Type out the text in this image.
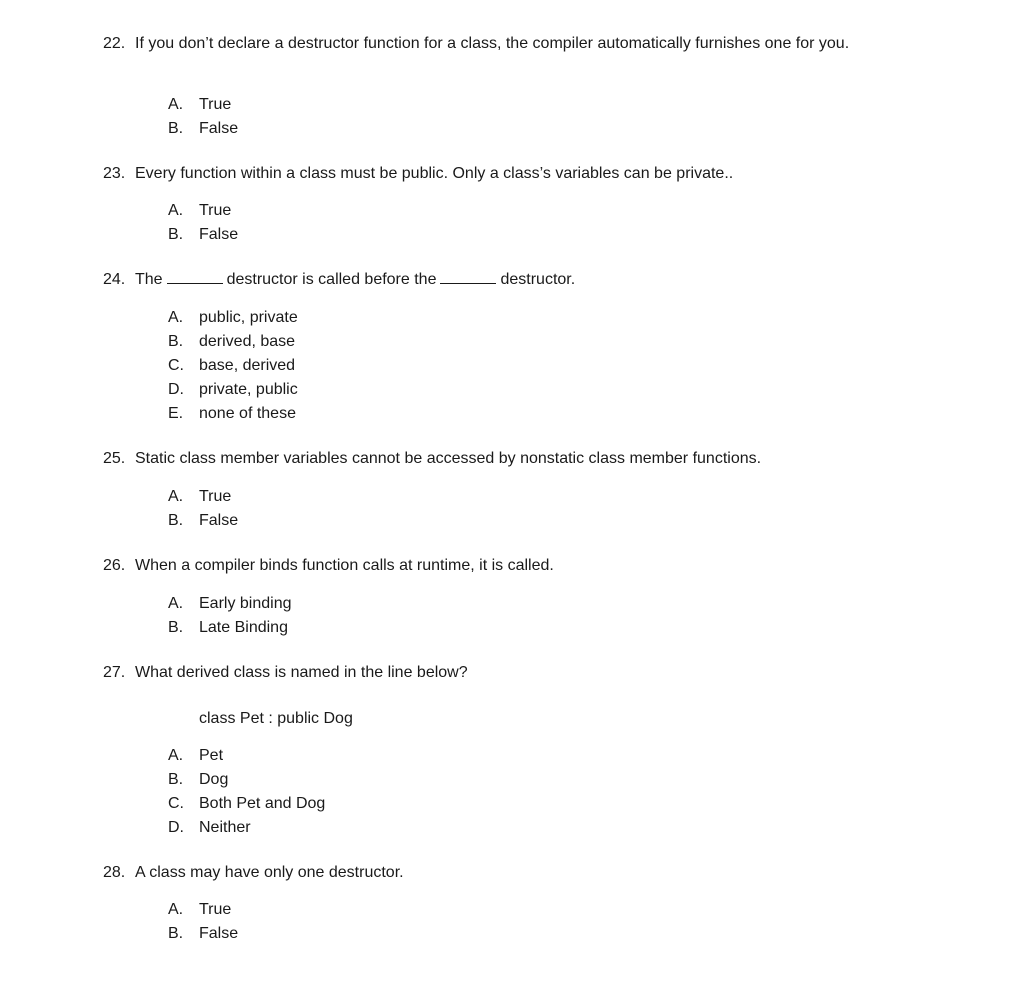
22. If you don’t declare a destructor function for a class, the compiler automatically furnishes one for you.
A. True
B. False
23. Every function within a class must be public. Only a class’s variables can be private..
A. True
B. False
24. The	destructor is called before the	destructor.
A. public, private
B. derived, base
C. base, derived
D. private, public
E. none of these
25. Static class member variables cannot be accessed by nonstatic class member functions.
A. True
B. False
26. When a compiler binds function calls at runtime, it is called.
A. Early binding
B. Late Binding
27. What derived class is named in the line below?
class Pet : public Dog
A. Pet
B. Dog
C. Both Pet and Dog
D. Neither
28. A class may have only one destructor.
A. True
B. False
